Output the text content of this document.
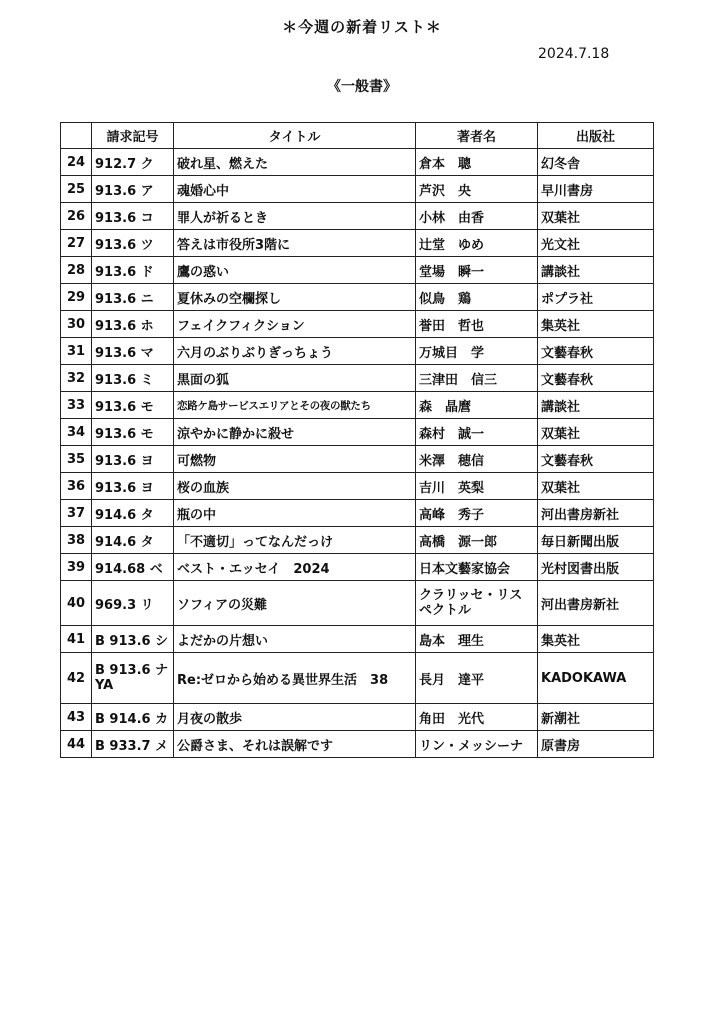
＊今週の新着リスト＊
2024.7.18
《一般書》
	請求記号	タイトル	著者名	出版社
24	912.7 ク	破れ星、燃えた	倉本　聰	幻冬舎
25	913.6 ア	魂婚心中	芦沢　央	早川書房
26	913.6 コ	罪人が祈るとき	小林　由香	双葉社
27	913.6 ツ	答えは市役所3階に	辻堂　ゆめ	光文社
28	913.6 ド	鷹の惑い	堂場　瞬一	講談社
29	913.6 ニ	夏休みの空欄探し	似鳥　鶏	ポプラ社
30	913.6 ホ	フェイクフィクション	誉田　哲也	集英社
31	913.6 マ	六月のぶりぶりぎっちょう	万城目　学	文藝春秋
32	913.6 ミ	黒面の狐	三津田　信三	文藝春秋
33	913.6 モ	恋路ケ島サービスエリアとその夜の獣たち	森　晶麿	講談社
34	913.6 モ	涼やかに静かに殺せ	森村　誠一	双葉社
35	913.6 ヨ	可燃物	米澤　穂信	文藝春秋
36	913.6 ヨ	桜の血族	吉川　英梨	双葉社
37	914.6 タ	瓶の中	高峰　秀子	河出書房新社
38	914.6 タ	「不適切」ってなんだっけ	高橋　源一郎	毎日新聞出版
39	914.68 ベ	ベスト・エッセイ　2024	日本文藝家協会	光村図書出版
40	969.3 リ	ソフィアの災難	クラリッセ・リスペクトル	河出書房新社
41	B 913.6 シ	よだかの片想い	島本　理生	集英社
42	B 913.6 ナYA	Re:ゼロから始める異世界生活　38	長月　達平	KADOKAWA
43	B 914.6 カ	月夜の散歩	角田　光代	新潮社
44	B 933.7 メ	公爵さま、それは誤解です	リン・メッシーナ	原書房
